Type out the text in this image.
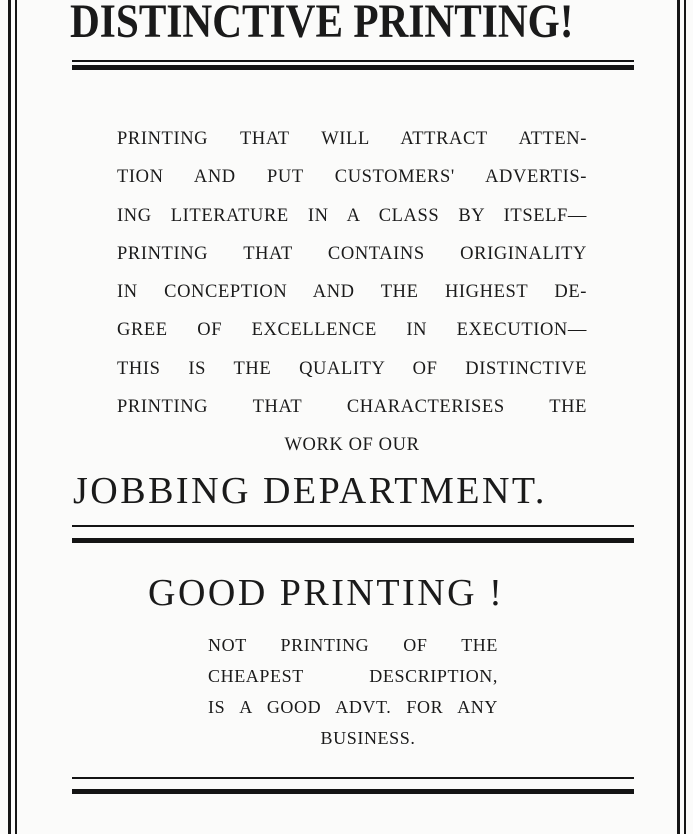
DISTINCTIVE PRINTING!
PRINTING THAT WILL ATTRACT ATTEN-
TION AND PUT CUSTOMERS' ADVERTIS-
ING LITERATURE IN A CLASS BY ITSELF—
PRINTING THAT CONTAINS ORIGINALITY
IN CONCEPTION AND THE HIGHEST DE-
GREE OF EXCELLENCE IN EXECUTION—
THIS IS THE QUALITY OF DISTINCTIVE
PRINTING THAT CHARACTERISES THE
WORK OF OUR
JOBBING DEPARTMENT.
GOOD PRINTING !
NOT PRINTING OF THE
CHEAPEST DESCRIPTION,
IS A GOOD ADVT. FOR ANY
BUSINESS.
